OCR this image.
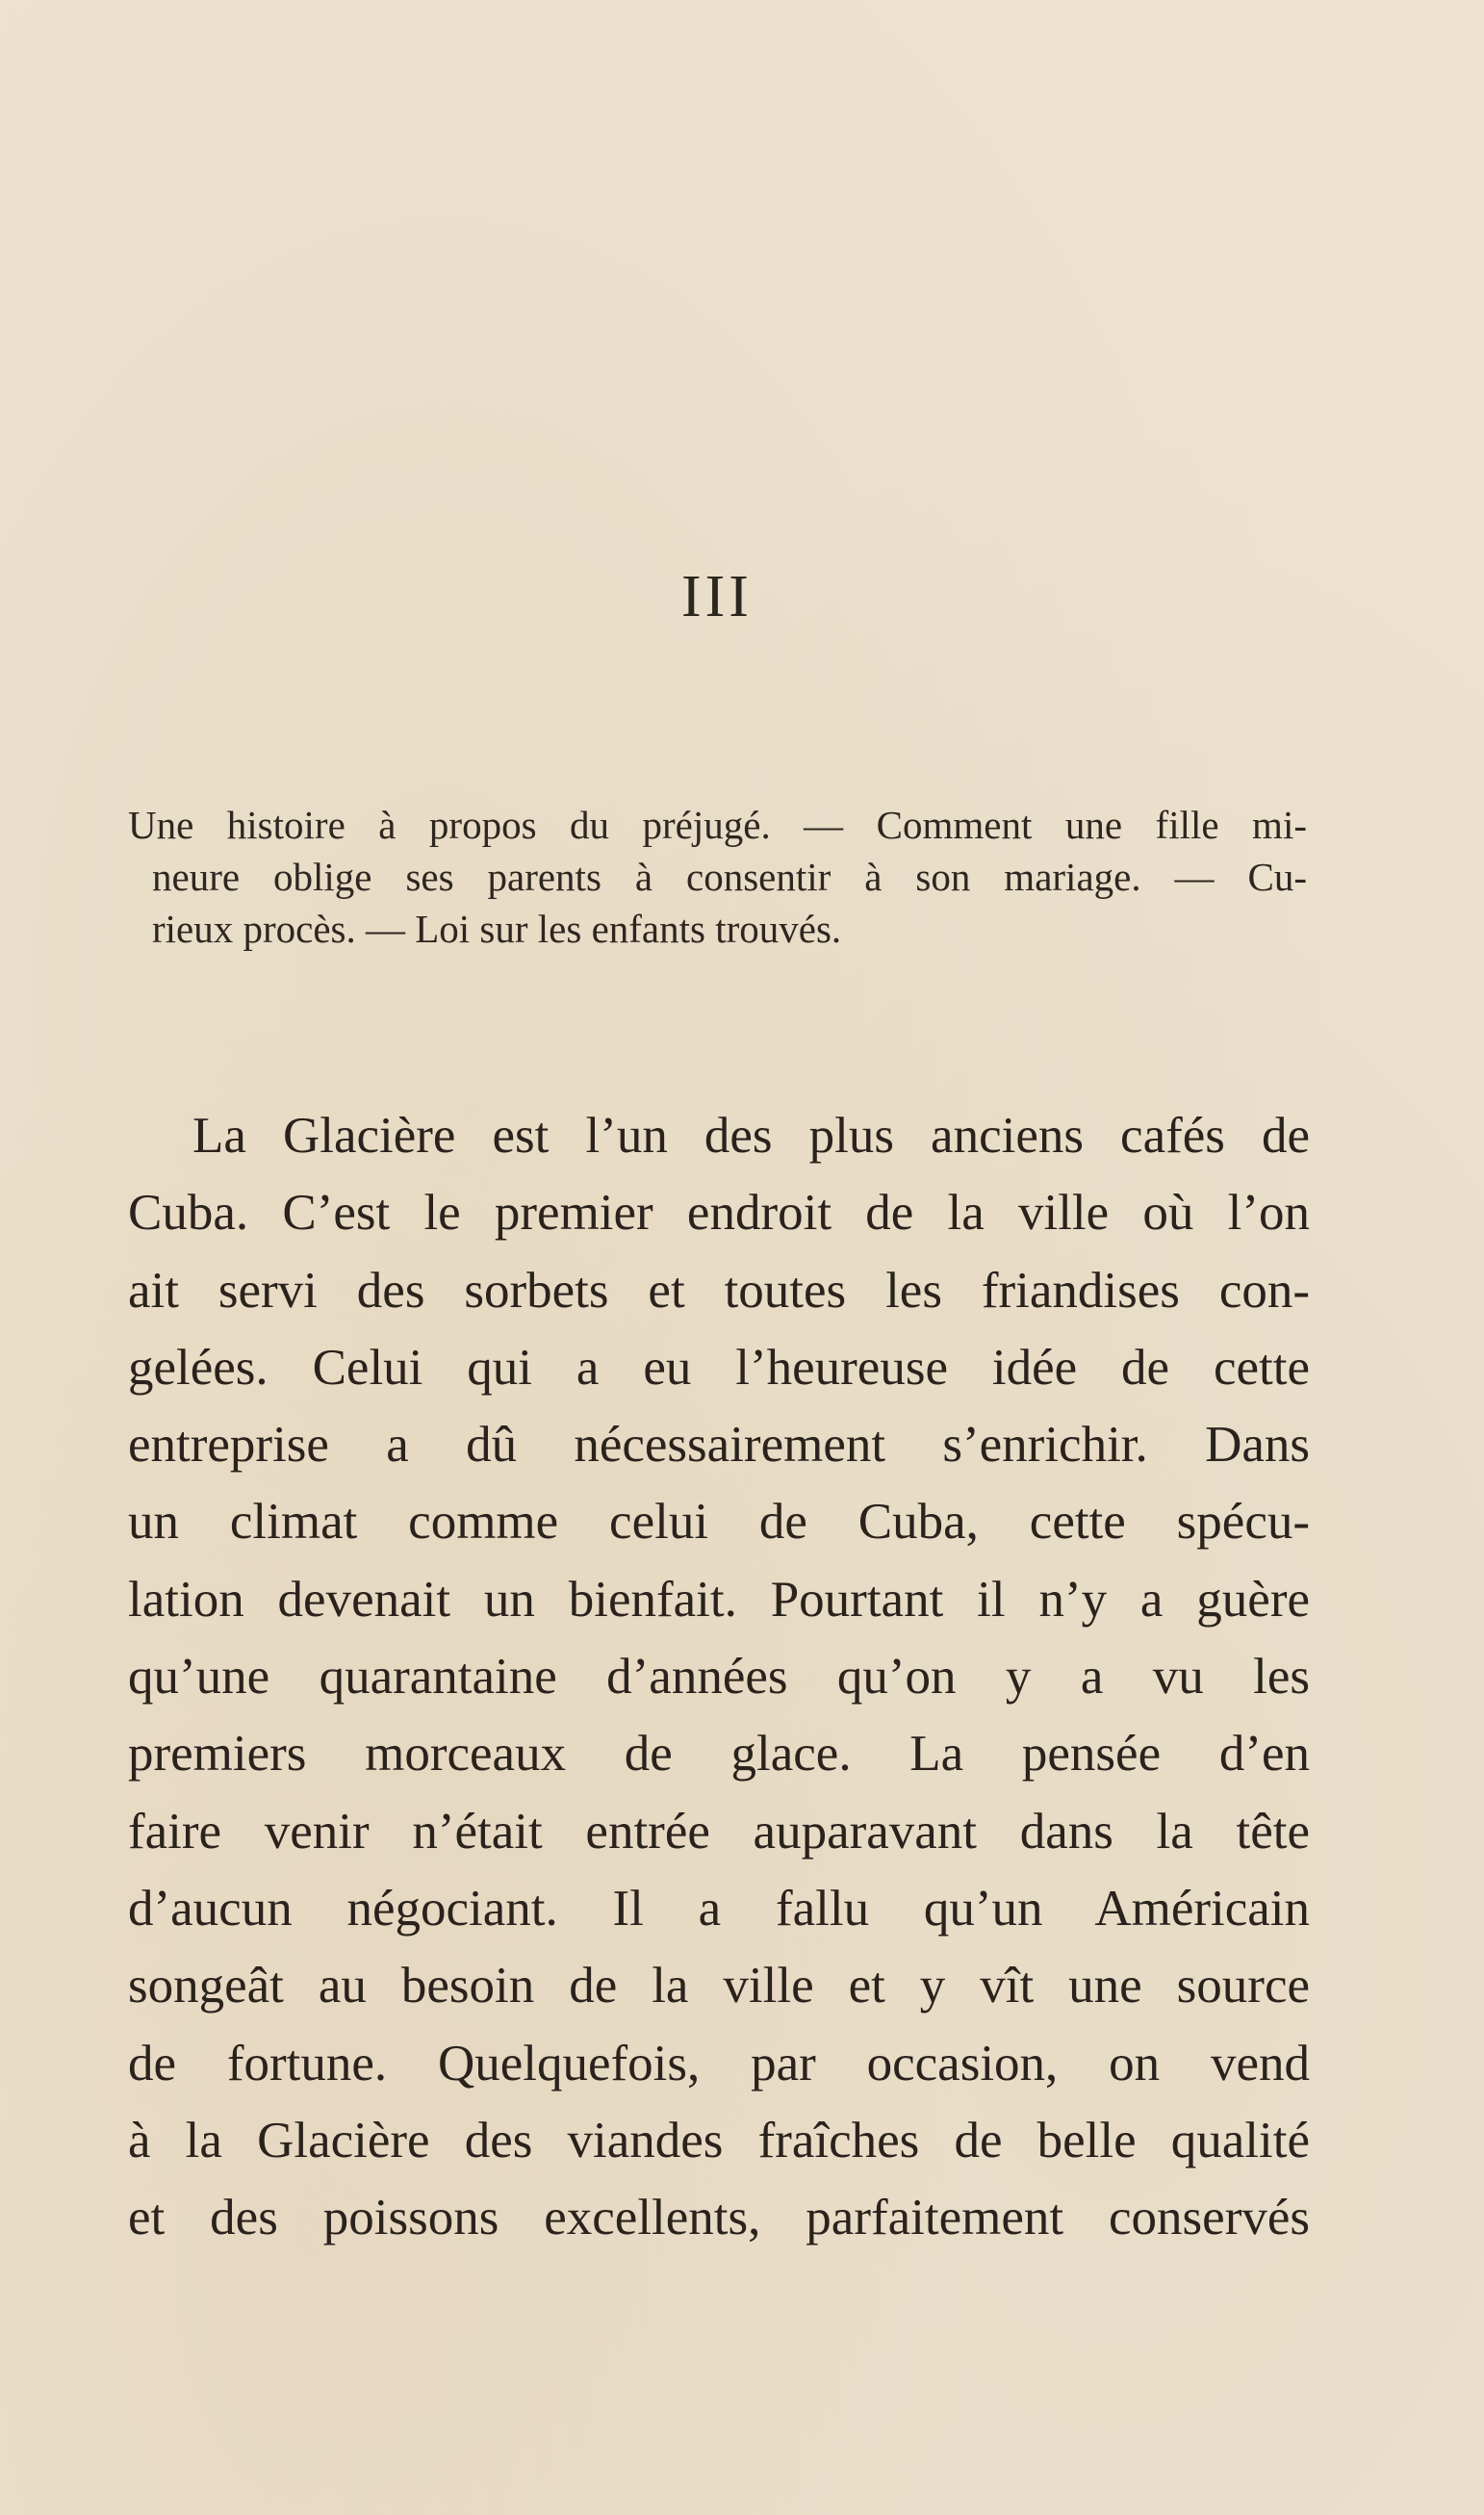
III
Une histoire à propos du préjugé. — Comment une fille mi-
neure oblige ses parents à consentir à son mariage. — Cu-
rieux procès. — Loi sur les enfants trouvés.
La Glacière est l’un des plus anciens cafés de
Cuba. C’est le premier endroit de la ville où l’on
ait servi des sorbets et toutes les friandises con-
gelées. Celui qui a eu l’heureuse idée de cette
entreprise a dû nécessairement s’enrichir. Dans
un climat comme celui de Cuba, cette spécu-
lation devenait un bienfait. Pourtant il n’y a guère
qu’une quarantaine d’années qu’on y a vu les
premiers morceaux de glace. La pensée d’en
faire venir n’était entrée auparavant dans la tête
d’aucun négociant. Il a fallu qu’un Américain
songeât au besoin de la ville et y vît une source
de fortune. Quelquefois, par occasion, on vend
à la Glacière des viandes fraîches de belle qualité
et des poissons excellents, parfaitement conservés
